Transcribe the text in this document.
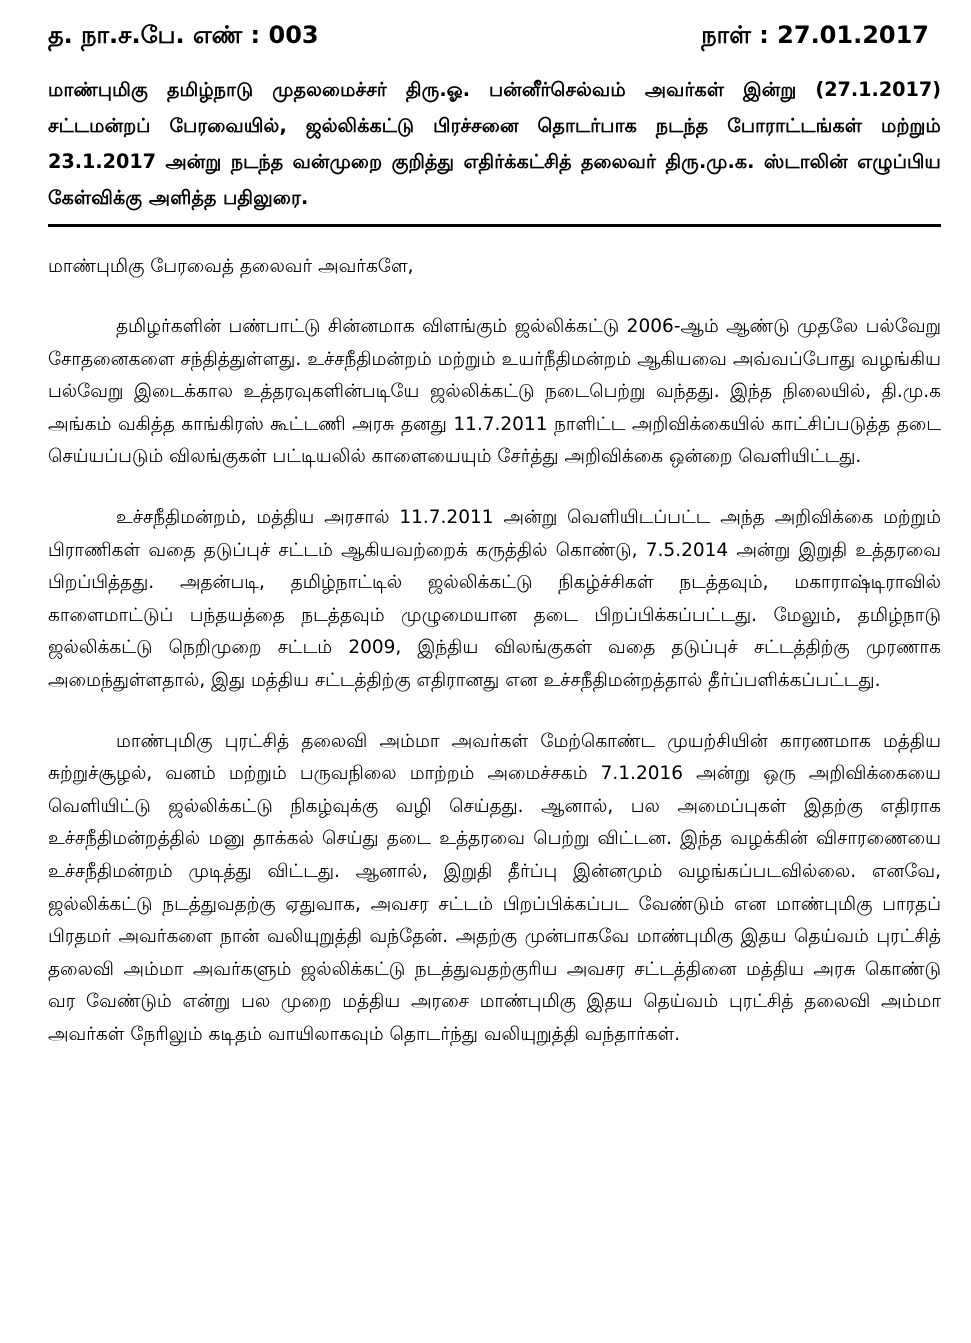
த. நா.ச.பே. எண் : 003	நாள் : 27.01.2017
மாண்புமிகு தமிழ்நாடு முதலமைச்சர் திரு.ஓ. பன்னீர்செல்வம் அவர்கள் இன்று (27.1.2017) சட்டமன்றப் பேரவையில், ஜல்லிக்கட்டு பிரச்சனை தொடர்பாக நடந்த போராட்டங்கள் மற்றும் 23.1.2017 அன்று நடந்த வன்முறை குறித்து எதிர்க்கட்சித் தலைவர் திரு.மு.க. ஸ்டாலின் எழுப்பிய கேள்விக்கு அளித்த பதிலுரை.
மாண்புமிகு பேரவைத் தலைவர் அவர்களே,

தமிழர்களின் பண்பாட்டு சின்னமாக விளங்கும் ஜல்லிக்கட்டு 2006-ஆம் ஆண்டு முதலே பல்வேறு சோதனைகளை சந்தித்துள்ளது. உச்சநீதிமன்றம் மற்றும் உயர்நீதிமன்றம் ஆகியவை அவ்வப்போது வழங்கிய பல்வேறு இடைக்கால உத்தரவுகளின்படியே ஜல்லிக்கட்டு நடைபெற்று வந்தது. இந்த நிலையில், தி.மு.க அங்கம் வகித்த காங்கிரஸ் கூட்டணி அரசு தனது 11.7.2011 நாளிட்ட அறிவிக்கையில் காட்சிப்படுத்த தடை செய்யப்படும் விலங்குகள் பட்டியலில் காளையையும் சேர்த்து அறிவிக்கை ஒன்றை வெளியிட்டது.

உச்சநீதிமன்றம், மத்திய அரசால் 11.7.2011 அன்று வெளியிடப்பட்ட அந்த அறிவிக்கை மற்றும் பிராணிகள் வதை தடுப்புச் சட்டம் ஆகியவற்றைக் கருத்தில் கொண்டு, 7.5.2014 அன்று இறுதி உத்தரவை பிறப்பித்தது. அதன்படி, தமிழ்நாட்டில் ஜல்லிக்கட்டு நிகழ்ச்சிகள் நடத்தவும், மகாராஷ்டிராவில் காளைமாட்டுப் பந்தயத்தை நடத்தவும் முழுமையான தடை பிறப்பிக்கப்பட்டது. மேலும், தமிழ்நாடு ஜல்லிக்கட்டு நெறிமுறை சட்டம் 2009, இந்திய விலங்குகள் வதை தடுப்புச் சட்டத்திற்கு முரணாக அமைந்துள்ளதால், இது மத்திய சட்டத்திற்கு எதிரானது என உச்சநீதிமன்றத்தால் தீர்ப்பளிக்கப்பட்டது.

மாண்புமிகு புரட்சித் தலைவி அம்மா அவர்கள் மேற்கொண்ட முயற்சியின் காரணமாக மத்திய சுற்றுச்சூழல், வனம் மற்றும் பருவநிலை மாற்றம் அமைச்சகம் 7.1.2016 அன்று ஒரு அறிவிக்கையை வெளியிட்டு ஜல்லிக்கட்டு நிகழ்வுக்கு வழி செய்தது. ஆனால், பல அமைப்புகள் இதற்கு எதிராக உச்சநீதிமன்றத்தில் மனு தாக்கல் செய்து தடை உத்தரவை பெற்று விட்டன. இந்த வழக்கின் விசாரணையை உச்சநீதிமன்றம் முடித்து விட்டது. ஆனால், இறுதி தீர்ப்பு இன்னமும் வழங்கப்படவில்லை. எனவே, ஜல்லிக்கட்டு நடத்துவதற்கு ஏதுவாக, அவசர சட்டம் பிறப்பிக்கப்பட வேண்டும் என மாண்புமிகு பாரதப் பிரதமர் அவர்களை நான் வலியுறுத்தி வந்தேன். அதற்கு முன்பாகவே மாண்புமிகு இதய தெய்வம் புரட்சித் தலைவி அம்மா அவர்களும் ஜல்லிக்கட்டு நடத்துவதற்குரிய அவசர சட்டத்தினை மத்திய அரசு கொண்டு வர வேண்டும் என்று பல முறை மத்திய அரசை மாண்புமிகு இதய தெய்வம் புரட்சித் தலைவி அம்மா அவர்கள் நேரிலும் கடிதம் வாயிலாகவும் தொடர்ந்து வலியுறுத்தி வந்தார்கள்.
